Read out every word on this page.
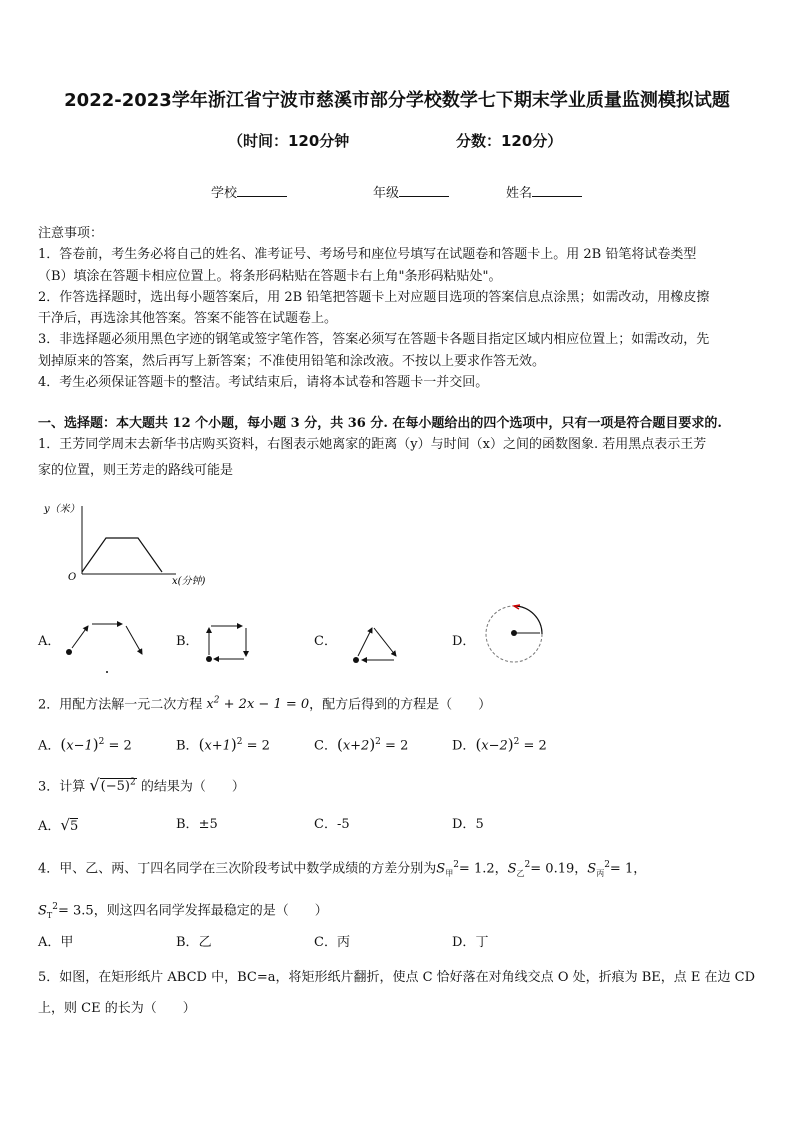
2022-2023学年浙江省宁波市慈溪市部分学校数学七下期末学业质量监测模拟试题
（时间：120分钟	分数：120分）
学校	年级	姓名

注意事项：

1．答卷前，考生务必将自己的姓名、准考证号、考场号和座位号填写在试题卷和答题卡上。用 2B 铅笔将试卷类型

（B）填涂在答题卡相应位置上。将条形码粘贴在答题卡右上角"条形码粘贴处"。

2．作答选择题时，选出每小题答案后，用 2B 铅笔把答题卡上对应题目选项的答案信息点涂黑；如需改动，用橡皮擦

干净后，再选涂其他答案。答案不能答在试题卷上。

3．非选择题必须用黑色字迹的钢笔或签字笔作答，答案必须写在答题卡各题目指定区域内相应位置上；如需改动，先

划掉原来的答案，然后再写上新答案；不准使用铅笔和涂改液。不按以上要求作答无效。

4．考生必须保证答题卡的整洁。考试结束后，请将本试卷和答题卡一并交回。

一、选择题：本大题共 12 个小题，每小题 3 分，共 36 分. 在每小题给出的四个选项中，只有一项是符合题目要求的.
1．王芳同学周末去新华书店购买资料，右图表示她离家的距离（y）与时间（x）之间的函数图象. 若用黑点表示王芳
家的位置，则王芳走的路线可能是
y（米）
O	x(分钟)
A．	B．	C．	D．
2．用配方法解一元二次方程 $x^2 + 2x - 1 = 0$，配方后得到的方程是（　　）
A．$(x-1)^2 = 2$	B．$(x+1)^2 = 2$	C．$(x+2)^2 = 2$	D．$(x-2)^2 = 2$
3．计算 $√(-5)^2$ 的结果为（　　）
A．√5	B．±5	C．-5	D．5
4．甲、乙、两、丁四名同学在三次阶段考试中数学成绩的方差分别为$S_甲^2= 1.2$，$S_乙^2= 0.19$，$S_丙^2= 1$，
$S_T^2= 3.5$，则这四名同学发挥最稳定的是（　　）
A．甲	B．乙	C．丙	D．丁
5．如图，在矩形纸片 ABCD 中，BC=a，将矩形纸片翻折，使点 C 恰好落在对角线交点 O 处，折痕为 BE，点 E 在边 CD
上，则 CE 的长为（　　）
